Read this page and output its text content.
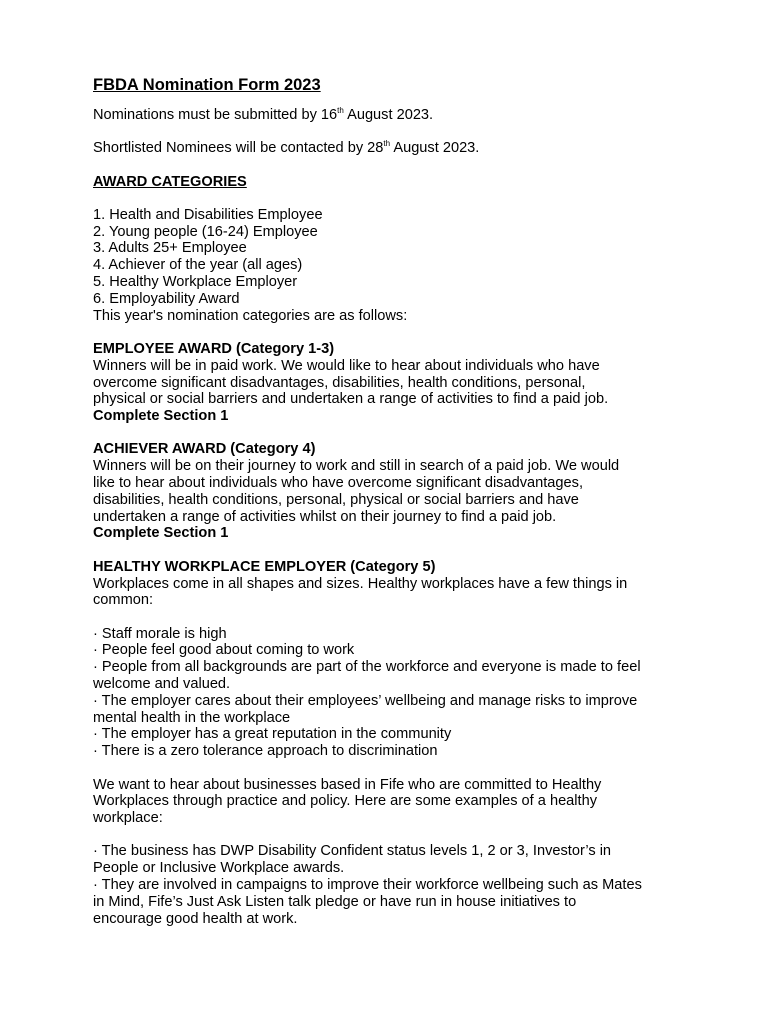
FBDA Nomination Form 2023

Nominations must be submitted by 16th August 2023.

Shortlisted Nominees will be contacted by 28th August 2023.

AWARD CATEGORIES

1. Health and Disabilities Employee
2. Young people (16-24) Employee
3. Adults 25+ Employee
4. Achiever of the year (all ages)
5. Healthy Workplace Employer
6. Employability Award

This year's nomination categories are as follows:

EMPLOYEE AWARD (Category 1-3)

Winners will be in paid work. We would like to hear about individuals who have

overcome significant disadvantages, disabilities, health conditions, personal,

physical or social barriers and undertaken a range of activities to find a paid job.

Complete Section 1

ACHIEVER AWARD (Category 4)

Winners will be on their journey to work and still in search of a paid job. We would

like to hear about individuals who have overcome significant disadvantages,

disabilities, health conditions, personal, physical or social barriers and have

undertaken a range of activities whilst on their journey to find a paid job.

Complete Section 1

HEALTHY WORKPLACE EMPLOYER (Category 5)

Workplaces come in all shapes and sizes. Healthy workplaces have a few things in

common:

· Staff morale is high

· People feel good about coming to work

· People from all backgrounds are part of the workforce and everyone is made to feel

welcome and valued.

· The employer cares about their employees’ wellbeing and manage risks to improve

mental health in the workplace

· The employer has a great reputation in the community

· There is a zero tolerance approach to discrimination

We want to hear about businesses based in Fife who are committed to Healthy

Workplaces through practice and policy. Here are some examples of a healthy

workplace:

· The business has DWP Disability Confident status levels 1, 2 or 3, Investor’s in

People or Inclusive Workplace awards.

· They are involved in campaigns to improve their workforce wellbeing such as Mates

in Mind, Fife’s Just Ask Listen talk pledge or have run in house initiatives to

encourage good health at work.
